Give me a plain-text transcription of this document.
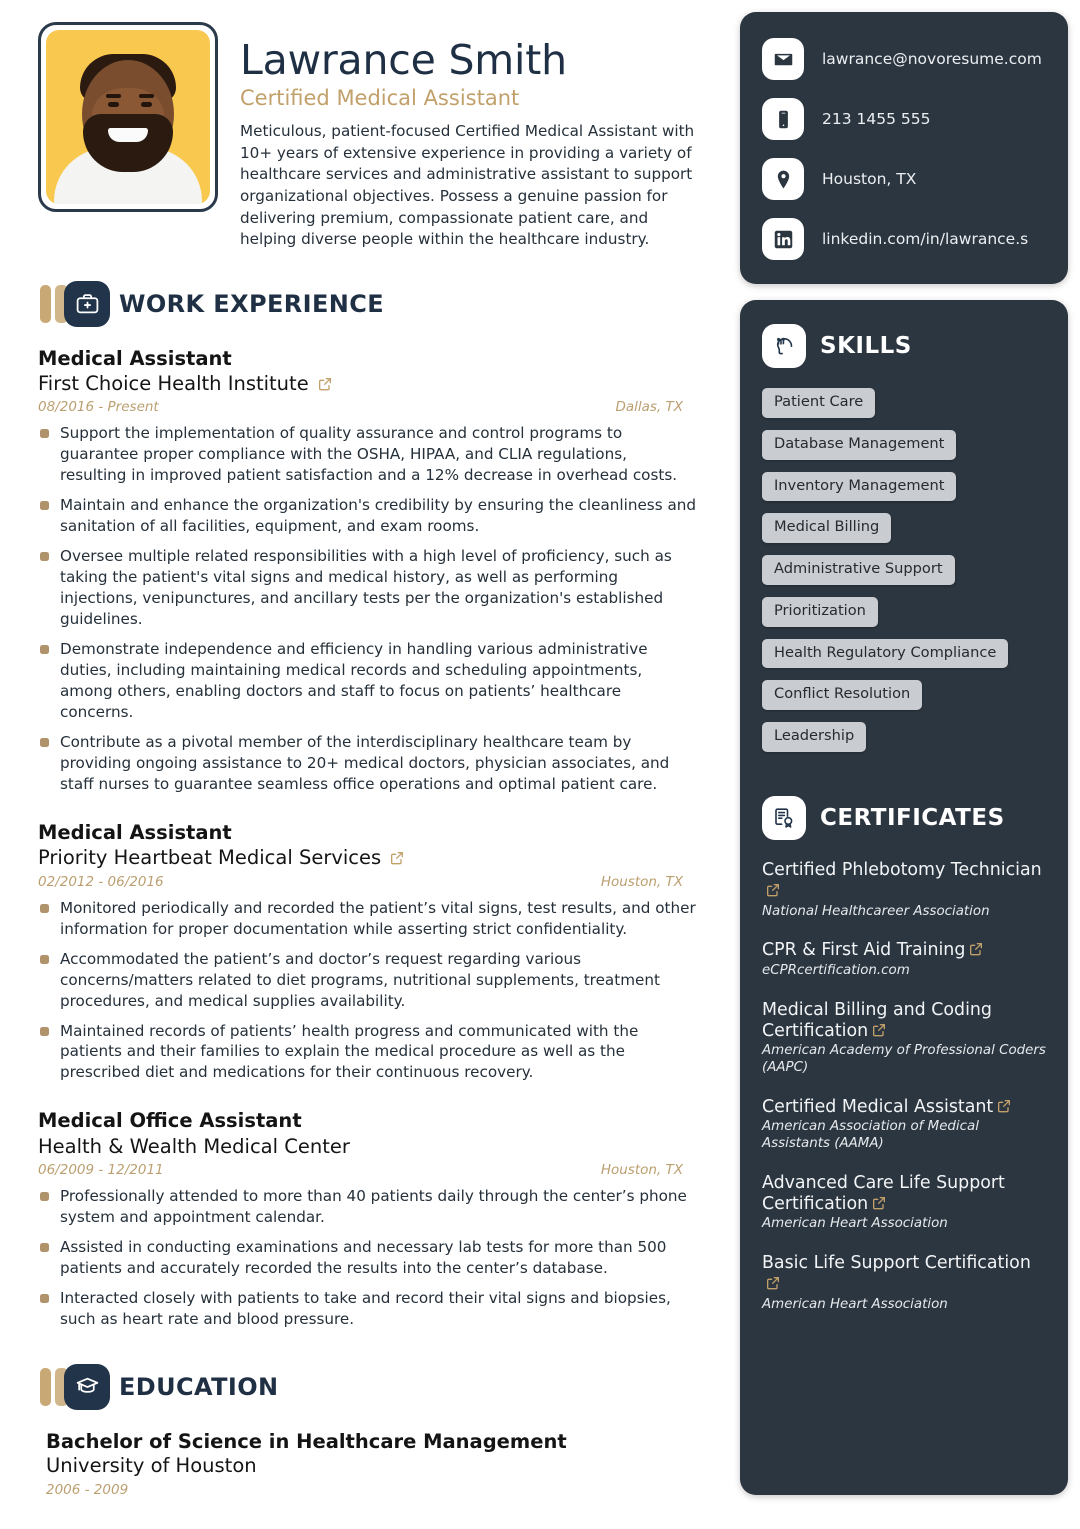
Lawrance Smith
Certified Medical Assistant
Meticulous, patient-focused Certified Medical Assistant with 10+ years of extensive experience in providing a variety of healthcare services and administrative assistant to support organizational objectives. Possess a genuine passion for delivering premium, compassionate patient care, and helping diverse people within the healthcare industry.
WORK EXPERIENCE
Medical Assistant
First Choice Health Institute
08/2016 - Present	Dallas, TX
Support the implementation of quality assurance and control programs to guarantee proper compliance with the OSHA, HIPAA, and CLIA regulations, resulting in improved patient satisfaction and a 12% decrease in overhead costs.
Maintain and enhance the organization's credibility by ensuring the cleanliness and sanitation of all facilities, equipment, and exam rooms.
Oversee multiple related responsibilities with a high level of proficiency, such as taking the patient's vital signs and medical history, as well as performing injections, venipunctures, and ancillary tests per the organization's established guidelines.
Demonstrate independence and efficiency in handling various administrative duties, including maintaining medical records and scheduling appointments, among others, enabling doctors and staff to focus on patients’ healthcare concerns.
Contribute as a pivotal member of the interdisciplinary healthcare team by providing ongoing assistance to 20+ medical doctors, physician associates, and staff nurses to guarantee seamless office operations and optimal patient care.
Medical Assistant
Priority Heartbeat Medical Services
02/2012 - 06/2016	Houston, TX
Monitored periodically and recorded the patient’s vital signs, test results, and other information for proper documentation while asserting strict confidentiality.
Accommodated the patient’s and doctor’s request regarding various concerns/matters related to diet programs, nutritional supplements, treatment procedures, and medical supplies availability.
Maintained records of patients’ health progress and communicated with the patients and their families to explain the medical procedure as well as the prescribed diet and medications for their continuous recovery.
Medical Office Assistant
Health & Wealth Medical Center
06/2009 - 12/2011	Houston, TX
Professionally attended to more than 40 patients daily through the center’s phone system and appointment calendar.
Assisted in conducting examinations and necessary lab tests for more than 500 patients and accurately recorded the results into the center’s database.
Interacted closely with patients to take and record their vital signs and biopsies, such as heart rate and blood pressure.
EDUCATION
Bachelor of Science in Healthcare Management
University of Houston
2006 - 2009
lawrance@novoresume.com
213 1455 555
Houston, TX
linkedin.com/in/lawrance.s
SKILLS
Patient Care
Database Management
Inventory Management
Medical Billing
Administrative Support
Prioritization
Health Regulatory Compliance
Conflict Resolution
Leadership
CERTIFICATES
Certified Phlebotomy Technician
National Healthcareer Association
CPR & First Aid Training
eCPRcertification.com
Medical Billing and Coding Certification
American Academy of Professional Coders (AAPC)
Certified Medical Assistant
American Association of Medical Assistants (AAMA)
Advanced Care Life Support Certification
American Heart Association
Basic Life Support Certification
American Heart Association
